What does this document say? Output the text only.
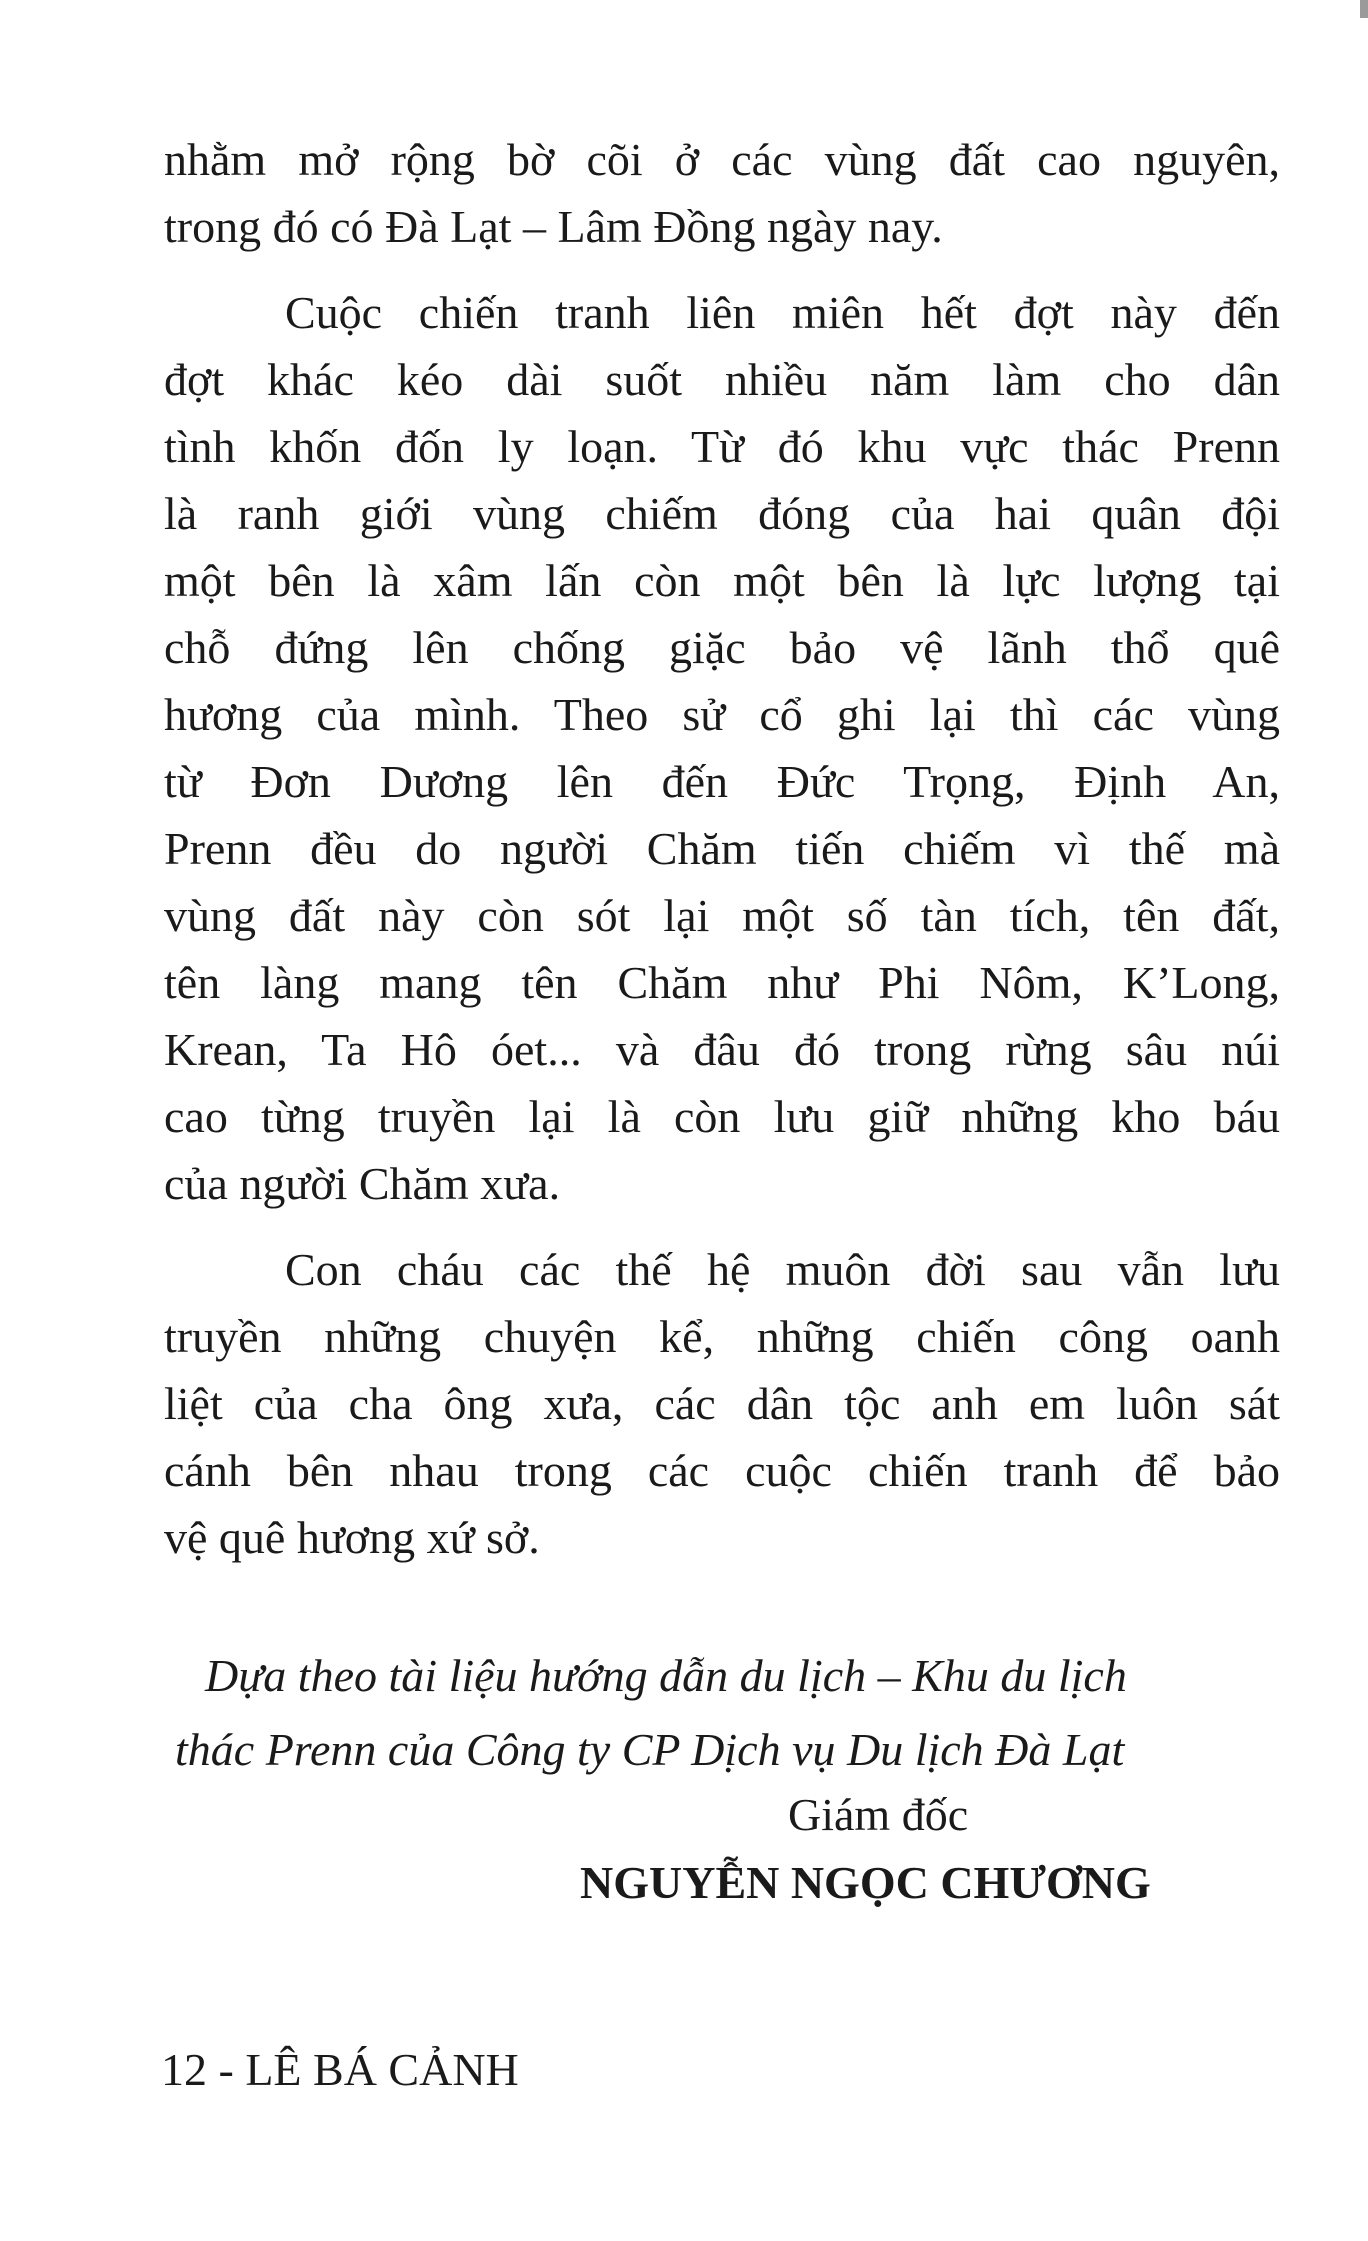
nhằm mở rộng bờ cõi ở các vùng đất cao nguyên,
trong đó có Đà Lạt – Lâm Đồng ngày nay.
Cuộc chiến tranh liên miên hết đợt này đến
đợt khác kéo dài suốt nhiều năm làm cho dân
tình khốn đốn ly loạn. Từ đó khu vực thác Prenn
là ranh giới vùng chiếm đóng của hai quân đội
một bên là xâm lấn còn một bên là lực lượng tại
chỗ đứng lên chống giặc bảo vệ lãnh thổ quê
hương của mình. Theo sử cổ ghi lại thì các vùng
từ Đơn Dương lên đến Đức Trọng, Định An,
Prenn đều do người Chăm tiến chiếm vì thế mà
vùng đất này còn sót lại một số tàn tích, tên đất,
tên làng mang tên Chăm như Phi Nôm, K’Long,
Krean, Ta Hô óet... và đâu đó trong rừng sâu núi
cao từng truyền lại là còn lưu giữ những kho báu
của người Chăm xưa.
Con cháu các thế hệ muôn đời sau vẫn lưu
truyền những chuyện kể, những chiến công oanh
liệt của cha ông xưa, các dân tộc anh em luôn sát
cánh bên nhau trong các cuộc chiến tranh để bảo
vệ quê hương xứ sở.
Dựa theo tài liệu hướng dẫn du lịch – Khu du lịch
thác Prenn của Công ty CP Dịch vụ Du lịch Đà Lạt
Giám đốc
NGUYỄN NGỌC CHƯƠNG
12 - LÊ BÁ CẢNH
